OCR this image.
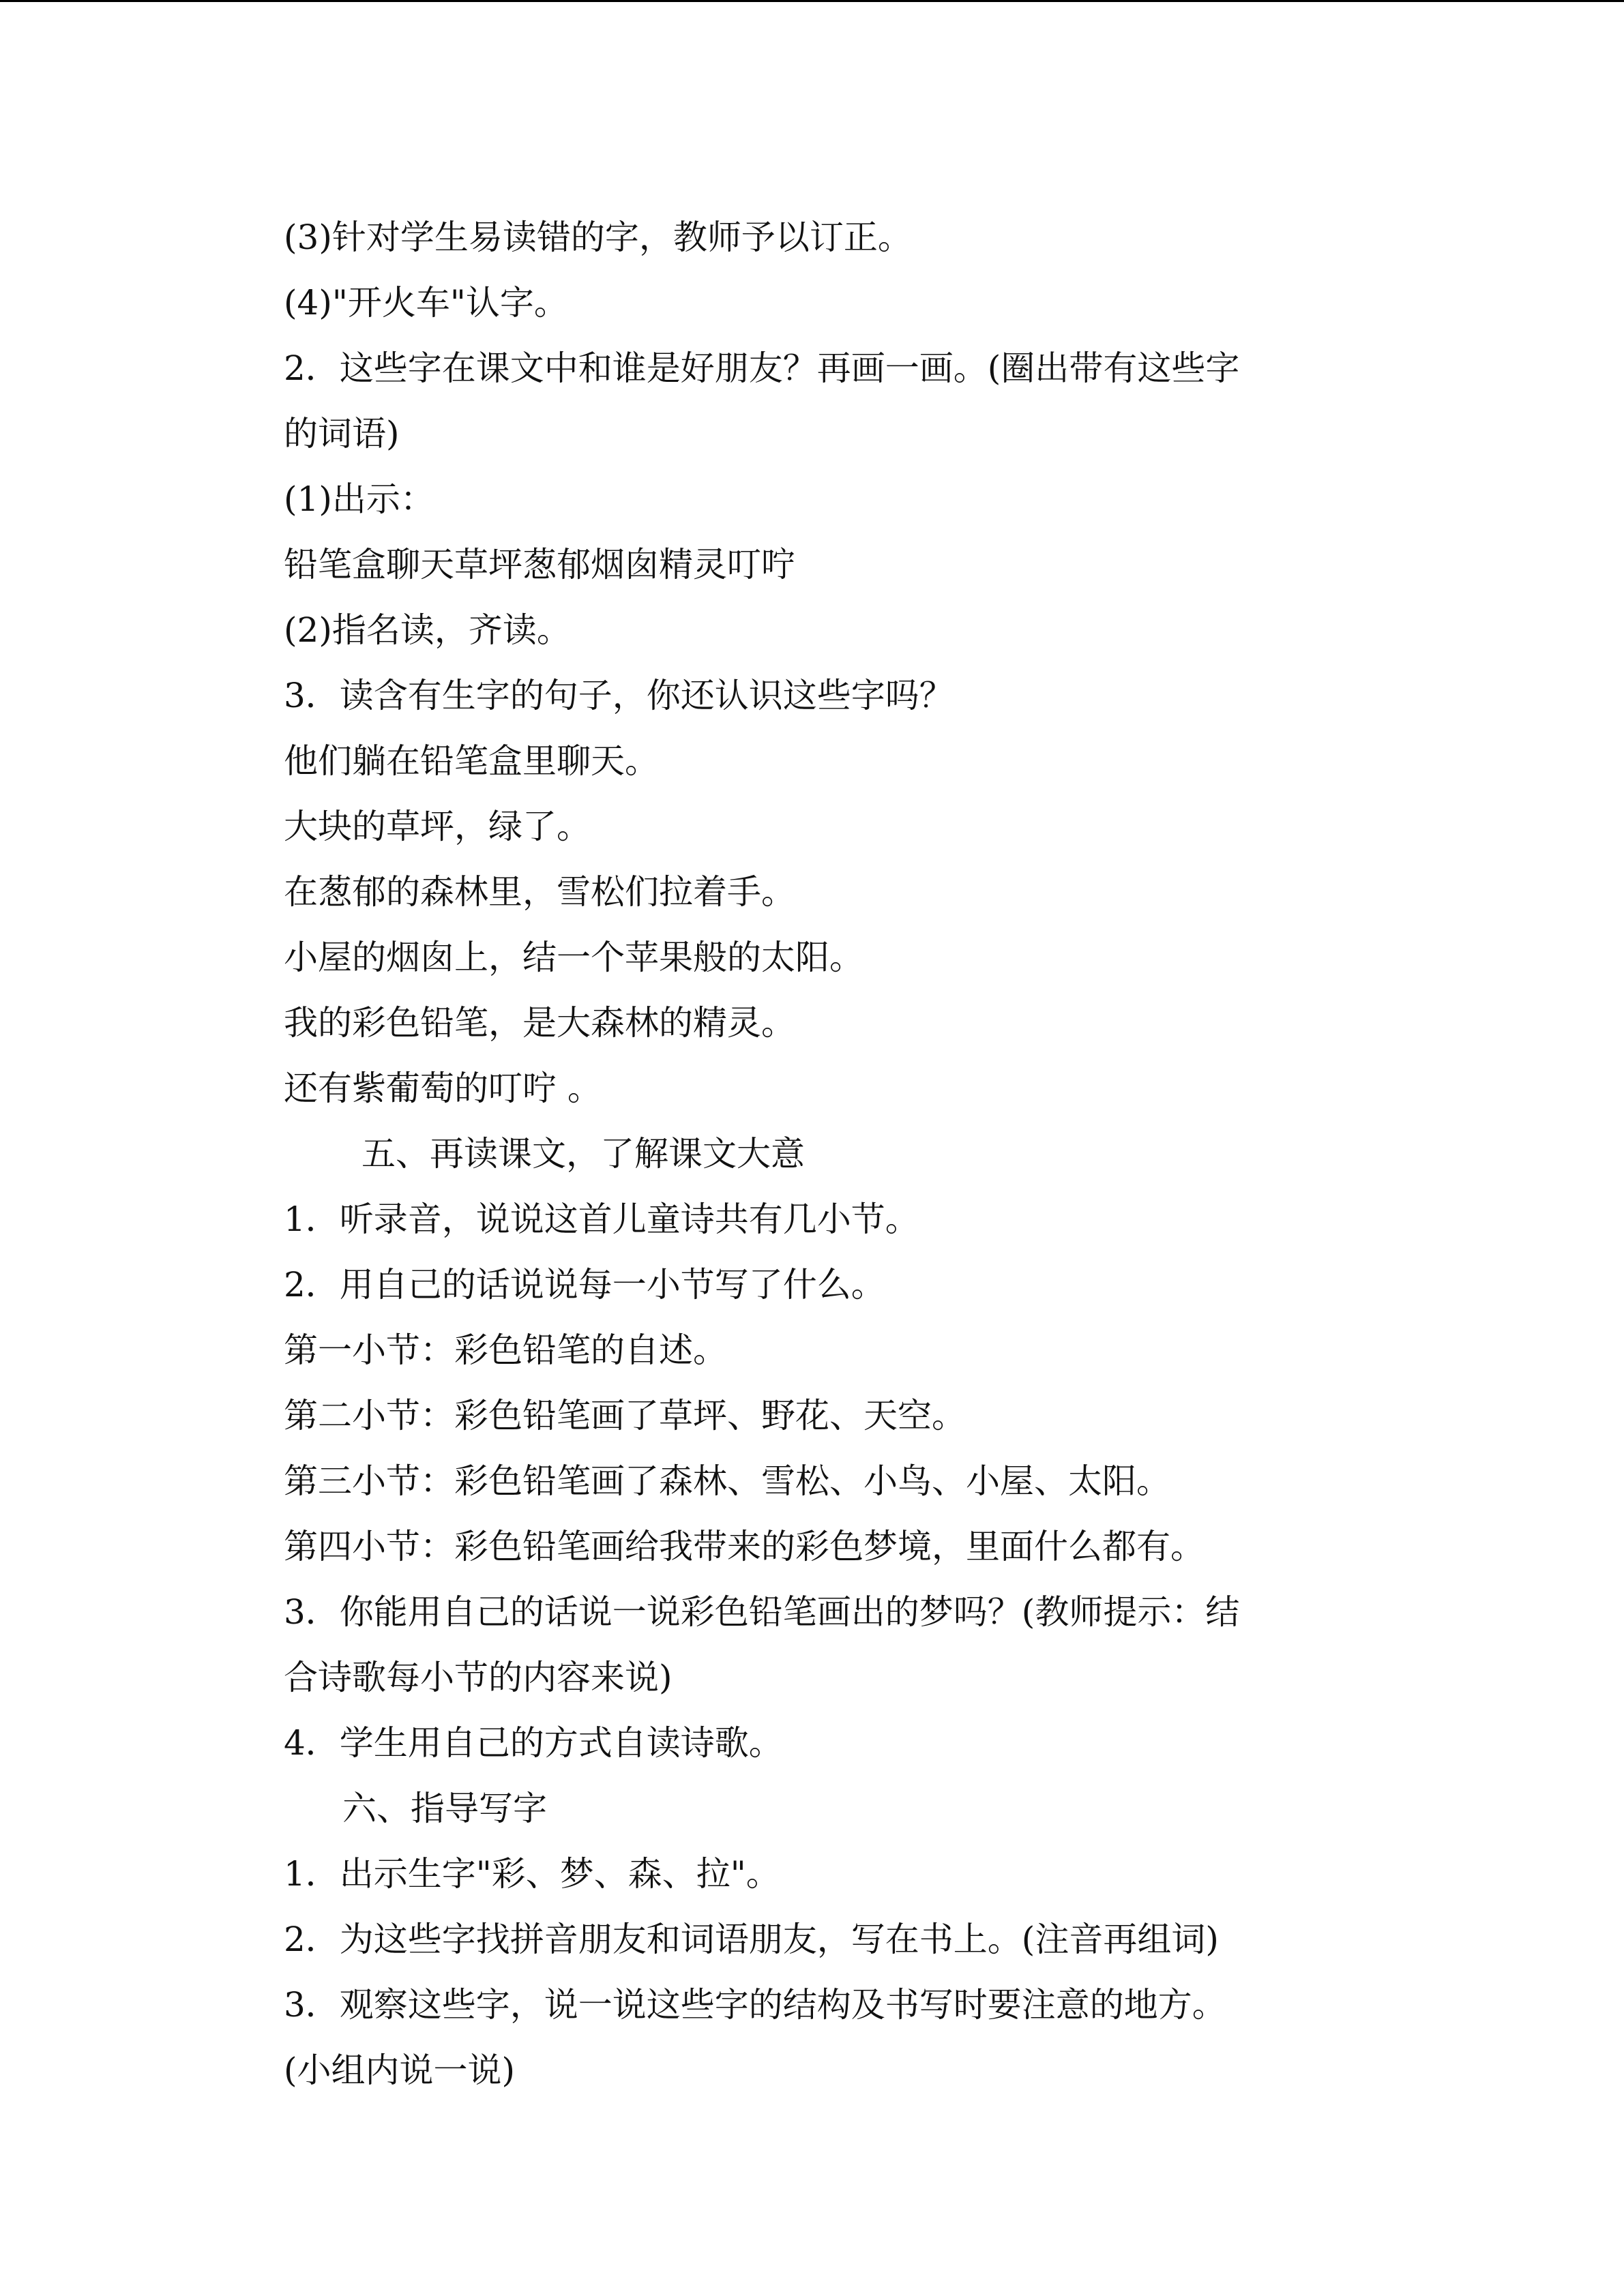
(3)针对学生易读错的字，教师予以订正。
(4)"开火车"认字。
2．这些字在课文中和谁是好朋友？再画一画。(圈出带有这些字
的词语)
(1)出示：
铅笔盒聊天草坪葱郁烟囱精灵叮咛
(2)指名读，齐读。
3．读含有生字的句子，你还认识这些字吗？
他们躺在铅笔盒里聊天。
大块的草坪，绿了。
在葱郁的森林里，雪松们拉着手。
小屋的烟囱上，结一个苹果般的太阳。
我的彩色铅笔，是大森林的精灵。
还有紫葡萄的叮咛 。
五、再读课文，了解课文大意
1．听录音，说说这首儿童诗共有几小节。
2．用自己的话说说每一小节写了什么。
第一小节：彩色铅笔的自述。
第二小节：彩色铅笔画了草坪、野花、天空。
第三小节：彩色铅笔画了森林、雪松、小鸟、小屋、太阳。
第四小节：彩色铅笔画给我带来的彩色梦境，里面什么都有。
3．你能用自己的话说一说彩色铅笔画出的梦吗？(教师提示：结
合诗歌每小节的内容来说)
4．学生用自己的方式自读诗歌。
六、指导写字
1．出示生字"彩、梦、森、拉"。
2．为这些字找拼音朋友和词语朋友，写在书上。(注音再组词)
3．观察这些字，说一说这些字的结构及书写时要注意的地方。
(小组内说一说)
